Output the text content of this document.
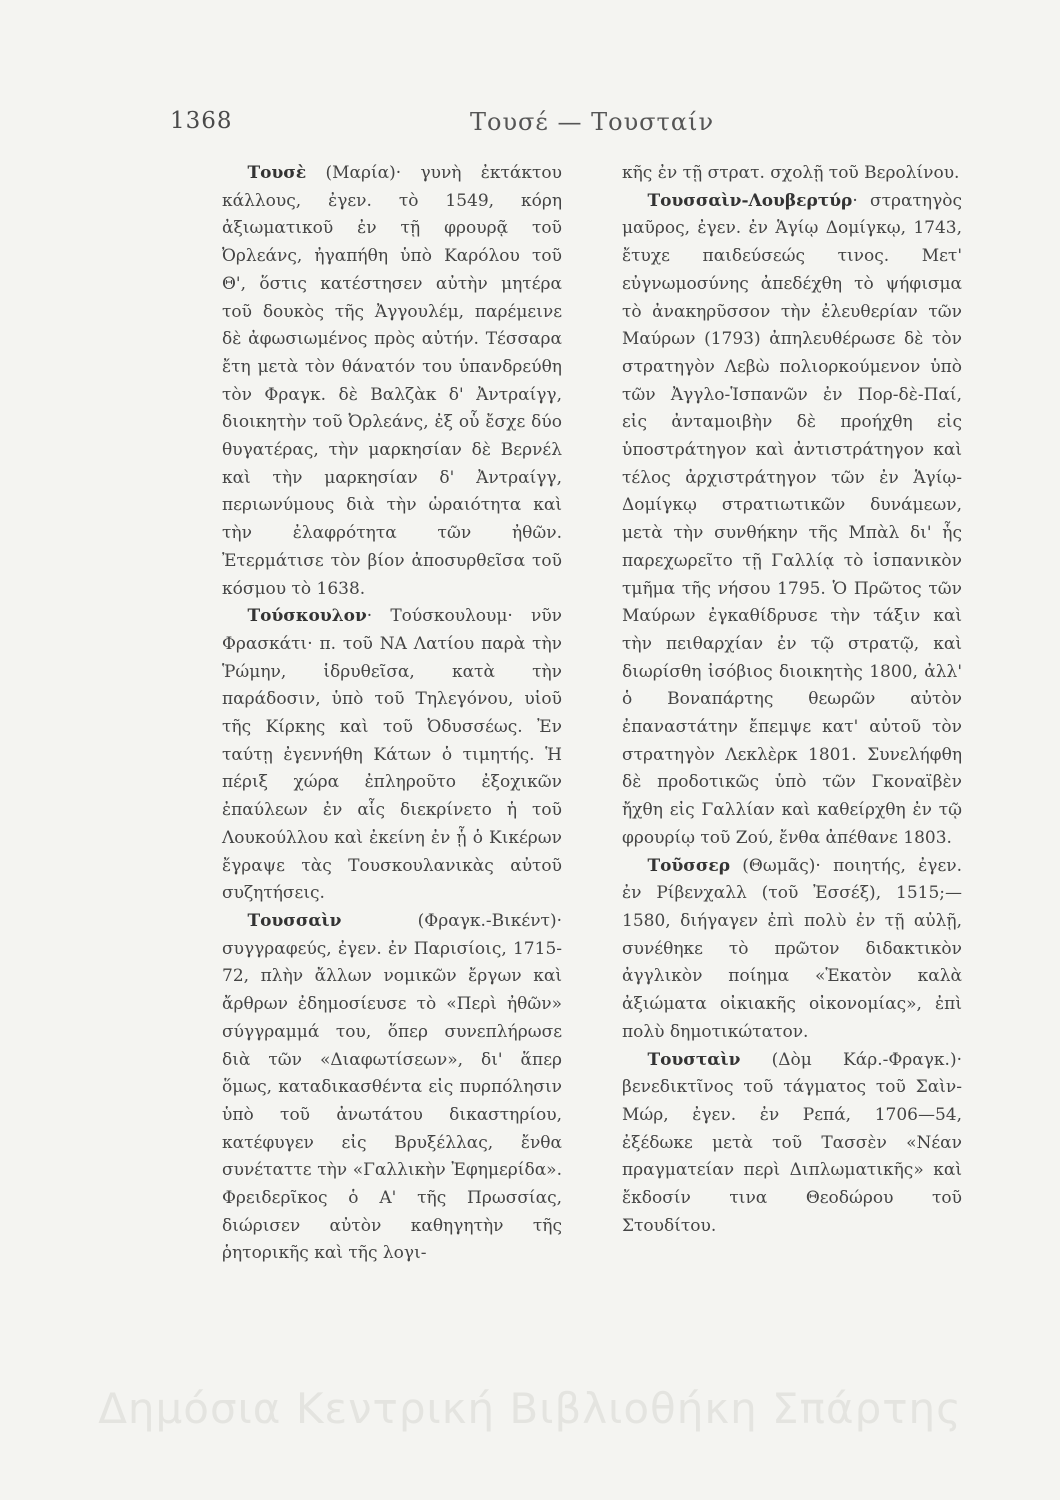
1368	Τουσέ — Τουσταίν

  Τουσὲ (Μαρία)· γυνὴ ἐκτάκτου κάλλους, ἐγεν. τὸ 1549, κόρη ἀξιωματικοῦ ἐν τῇ φρουρᾷ τοῦ Ὀρλεάνς, ἠγαπήθη ὑπὸ Καρόλου τοῦ Θ', ὅστις κατέστησεν αὐτὴν μητέρα τοῦ δουκὸς τῆς Ἀγγουλέμ, παρέμεινε δὲ ἀφωσιωμένος πρὸς αὐτήν. Τέσσαρα ἔτη μετὰ τὸν θάνατόν του ὑπανδρεύθη τὸν Φραγκ. δὲ Βαλζὰκ δ' Ἀντραίγγ, διοικητὴν τοῦ Ὀρλεάνς, ἐξ οὗ ἔσχε δύο θυγατέρας, τὴν μαρκησίαν δὲ Βερνέλ καὶ τὴν μαρκησίαν δ' Ἀντραίγγ, περιωνύμους διὰ τὴν ὡραιότητα καὶ τὴν ἐλαφρότητα τῶν ἠθῶν. Ἐτερμάτισε τὸν βίον ἀποσυρθεῖσα τοῦ κόσμου τὸ 1638.

  Τούσκουλον· Τούσκουλουμ· νῦν Φρασκάτι· π. τοῦ ΝΑ Λατίου παρὰ τὴν Ῥώμην, ἱδρυθεῖσα, κατὰ τὴν παράδοσιν, ὑπὸ τοῦ Τηλεγόνου, υἱοῦ τῆς Κίρκης καὶ τοῦ Ὀδυσσέως. Ἐν ταύτῃ ἐγεννήθη Κάτων ὁ τιμητής. Ἡ πέριξ χώρα ἐπληροῦτο ἐξοχικῶν ἐπαύλεων ἐν αἷς διεκρίνετο ἡ τοῦ Λουκούλλου καὶ ἐκείνη ἐν ᾗ ὁ Κικέρων ἔγραψε τὰς Τουσκουλανικὰς αὐτοῦ συζητήσεις.

  Τουσσαὶν (Φραγκ.-Βικέντ)· συγγραφεύς, ἐγεν. ἐν Παρισίοις, 1715-72, πλὴν ἄλλων νομικῶν ἔργων καὶ ἄρθρων ἐδημοσίευσε τὸ «Περὶ ἠθῶν» σύγγραμμά του, ὅπερ συνεπλήρωσε διὰ τῶν «Διαφωτίσεων», δι' ἅπερ ὅμως, καταδικασθέντα εἰς πυρπόλησιν ὑπὸ τοῦ ἀνωτάτου δικαστηρίου, κατέφυγεν εἰς Βρυξέλλας, ἔνθα συνέταττε τὴν «Γαλλικὴν Ἐφημερίδα». Φρειδερῖκος ὁ Α' τῆς Πρωσσίας, διώρισεν αὐτὸν καθηγητὴν τῆς ῥητορικῆς καὶ τῆς λογι-

κῆς ἐν τῇ στρατ. σχολῇ τοῦ Βερολίνου.

  Τουσσαὶν-Λουβερτύρ· στρατηγὸς μαῦρος, ἐγεν. ἐν Ἁγίῳ Δομίγκῳ, 1743, ἔτυχε παιδεύσεώς τινος. Μετ' εὐγνωμοσύνης ἀπεδέχθη τὸ ψήφισμα τὸ ἀνακηρῦσσον τὴν ἐλευθερίαν τῶν Μαύρων (1793) ἀπηλευθέρωσε δὲ τὸν στρατηγὸν Λεβὼ πολιορκούμενον ὑπὸ τῶν Ἀγγλο-Ἱσπανῶν ἐν Πορ-δὲ-Παί, εἰς ἀνταμοιβὴν δὲ προήχθη εἰς ὑποστράτηγον καὶ ἀντιστράτηγον καὶ τέλος ἀρχιστράτηγον τῶν ἐν Ἁγίῳ-Δομίγκῳ στρατιωτικῶν δυνάμεων, μετὰ τὴν συνθήκην τῆς Μπὰλ δι' ἧς παρεχωρεῖτο τῇ Γαλλίᾳ τὸ ἱσπανικὸν τμῆμα τῆς νήσου 1795. Ὁ Πρῶτος τῶν Μαύρων ἐγκαθίδρυσε τὴν τάξιν καὶ τὴν πειθαρχίαν ἐν τῷ στρατῷ, καὶ διωρίσθη ἰσόβιος διοικητὴς 1800, ἀλλ' ὁ Βοναπάρτης θεωρῶν αὐτὸν ἐπαναστάτην ἔπεμψε κατ' αὐτοῦ τὸν στρατηγὸν Λεκλὲρκ 1801. Συνελήφθη δὲ προδοτικῶς ὑπὸ τῶν Γκοναϊβὲν ἤχθη εἰς Γαλλίαν καὶ καθείρχθη ἐν τῷ φρουρίῳ τοῦ Ζού, ἔνθα ἀπέθανε 1803.

  Τοῦσσερ (Θωμᾶς)· ποιητής, ἐγεν. ἐν Ρίβενχαλλ (τοῦ Ἐσσέξ), 1515;—1580, διήγαγεν ἐπὶ πολὺ ἐν τῇ αὐλῇ, συνέθηκε τὸ πρῶτον διδακτικὸν ἀγγλικὸν ποίημα «Ἑκατὸν καλὰ ἀξιώματα οἰκιακῆς οἰκονομίας», ἐπὶ πολὺ δημοτικώτατον.

  Τουσταὶν (Δὸμ Κάρ.-Φραγκ.)· βενεδικτῖνος τοῦ τάγματος τοῦ Σαὶν-Μώρ, ἐγεν. ἐν Ρεπά, 1706—54, ἐξέδωκε μετὰ τοῦ Τασσὲν «Νέαν πραγματείαν περὶ Διπλωματικῆς» καὶ ἔκδοσίν τινα Θεοδώρου τοῦ Στουδίτου.

Δημόσια Κεντρική Βιβλιοθήκη Σπάρτης
